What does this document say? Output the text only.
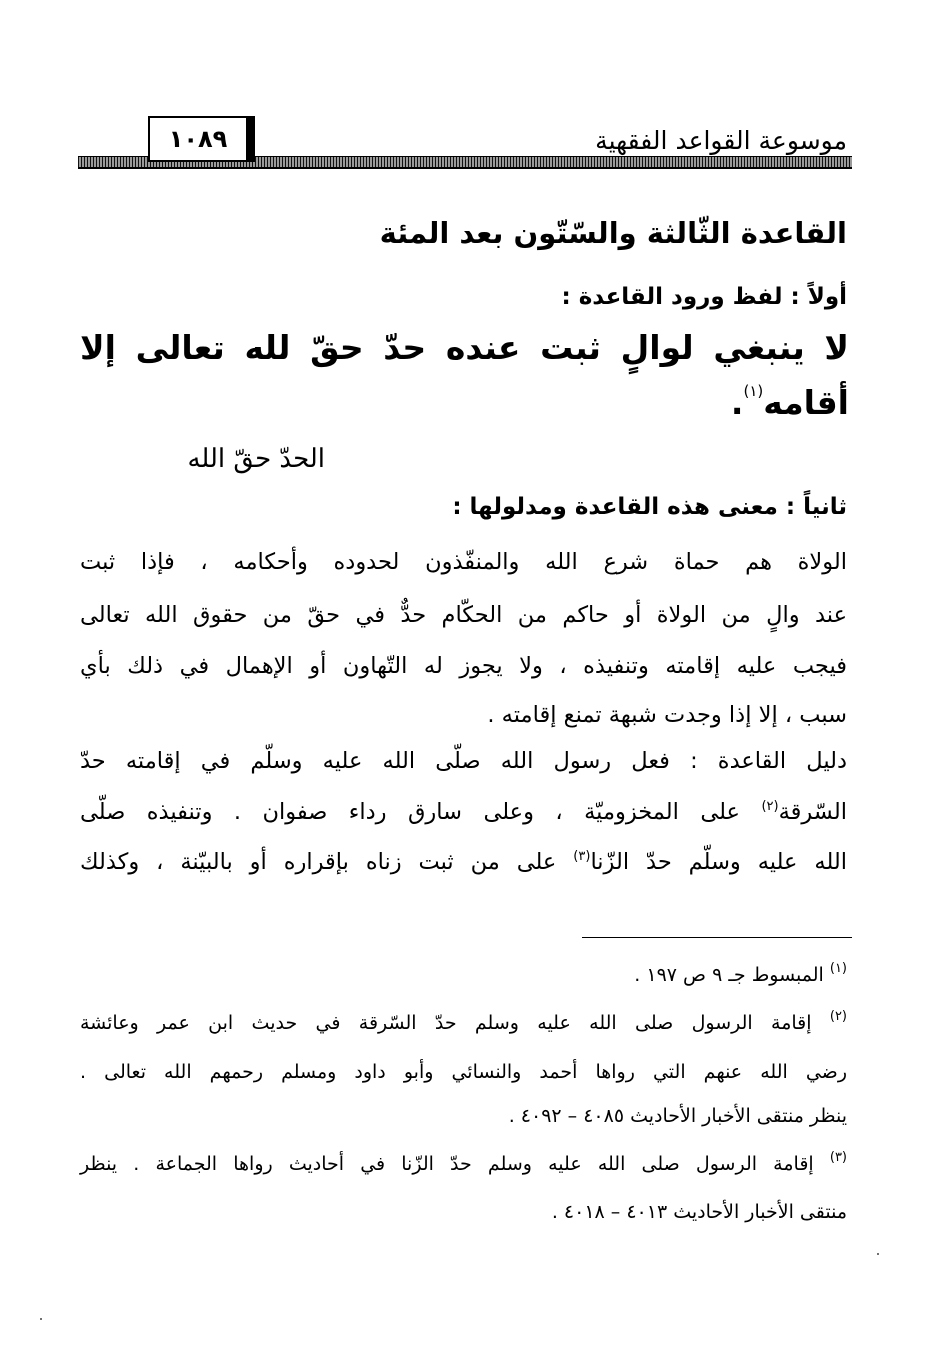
موسوعة القواعد الفقهية
١٠٨٩
القاعدة الثّالثة والسّتّون بعد المئة
أولاً : لفظ ورود القاعدة :
لا ينبغي لوالٍ ثبت عنده حدّ حقّ لله تعالى إلا
أقامه$^{(١)}$.
الحدّ حقّ الله
ثانياً : معنى هذه القاعدة ومدلولها :
الولاة هم حماة شرع الله والمنفّذون لحدوده وأحكامه ، فإذا ثبت
عند والٍ من الولاة أو حاكم من الحكّام حدٌّ في حقّ من حقوق الله تعالى
فيجب عليه إقامته وتنفيذه ، ولا يجوز له التّهاون أو الإهمال في ذلك بأي
سبب ، إلا إذا وجدت شبهة تمنع إقامته .
دليل القاعدة : فعل رسول الله صلّى الله عليه وسلّم في إقامته حدّ
السّرقة$^{(٢)}$ على المخزوميّة ، وعلى سارق رداء صفوان . وتنفيذه صلّى
الله عليه وسلّم حدّ الزّنا$^{(٣)}$ على من ثبت زناه بإقراره أو بالبيّنة ، وكذلك
$^{(١)}$ المبسوط جـ ٩ ص ١٩٧ .
$^{(٢)}$ إقامة الرسول صلى الله عليه وسلم حدّ السّرقة في حديث ابن عمر وعائشة
رضي الله عنهم التي رواها أحمد والنسائي وأبو داود ومسلم رحمهم الله تعالى .
ينظر منتقى الأخبار الأحاديث ٤٠٨٥ – ٤٠٩٢ .
$^{(٣)}$ إقامة الرسول صلى الله عليه وسلم حدّ الزّنا في أحاديث رواها الجماعة . ينظر
منتقى الأخبار الأحاديث ٤٠١٣ – ٤٠١٨ .
